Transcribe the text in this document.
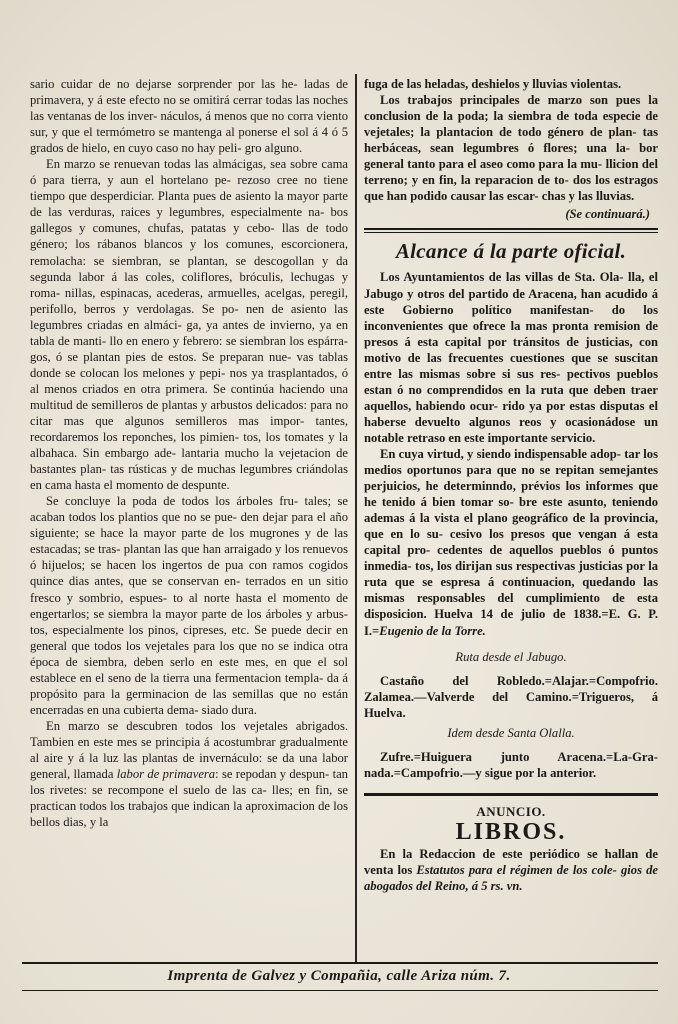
sario cuidar de no dejarse sorprender por las he- ladas de primavera, y á este efecto no se omitirá cerrar todas las noches las ventanas de los inver- náculos, á menos que no corra viento sur, y que el termómetro se mantenga al ponerse el sol á 4 ó 5 grados de hielo, en cuyo caso no hay peli- gro alguno.

En marzo se renuevan todas las almácigas, sea sobre cama ó para tierra, y aun el hortelano pe- rezoso cree no tiene tiempo que desperdiciar. Planta pues de asiento la mayor parte de las verduras, raices y legumbres, especialmente na- bos gallegos y comunes, chufas, patatas y cebo- llas de todo género; los rábanos blancos y los comunes, escorcionera, remolacha: se siembran, se plantan, se descogollan y da segunda labor á las coles, coliflores, bróculis, lechugas y roma- nillas, espinacas, acederas, armuelles, acelgas, peregil, perifollo, berros y verdolagas. Se po- nen de asiento las legumbres criadas en almáci- ga, ya antes de invierno, ya en tabla de manti- llo en enero y febrero: se siembran los espárra- gos, ó se plantan pies de estos. Se preparan nue- vas tablas donde se colocan los melones y pepi- nos ya trasplantados, ó al menos criados en otra primera. Se continúa haciendo una multitud de semilleros de plantas y arbustos delicados: para no citar mas que algunos semilleros mas impor- tantes, recordaremos los reponches, los pimien- tos, los tomates y la albahaca. Sin embargo ade- lantaria mucho la vejetacion de bastantes plan- tas rústicas y de muchas legumbres criándolas en cama hasta el momento de despunte.

Se concluye la poda de todos los árboles fru- tales; se acaban todos los plantios que no se pue- den dejar para el año siguiente; se hace la mayor parte de los mugrones y de las estacadas; se tras- plantan las que han arraigado y los renuevos ó hijuelos; se hacen los ingertos de pua con ramos cogidos quince dias antes, que se conservan en- terrados en un sitio fresco y sombrio, espues- to al norte hasta el momento de engertarlos; se siembra la mayor parte de los árboles y arbus- tos, especialmente los pinos, cipreses, etc. Se puede decir en general que todos los vejetales para los que no se indica otra época de siembra, deben serlo en este mes, en que el sol establece en el seno de la tierra una fermentacion templa- da á propósito para la germinacion de las semillas que no están encerradas en una cubierta dema- siado dura.

En marzo se descubren todos los vejetales abrigados. Tambien en este mes se principia á acostumbrar gradualmente al aire y á la luz las plantas de invernáculo: se da una labor general, llamada labor de primavera: se repodan y despun- tan los rivetes: se recompone el suelo de las ca- lles; en fin, se practican todos los trabajos que indican la aproximacion de los bellos dias, y la

fuga de las heladas, deshielos y lluvias violentas.

Los trabajos principales de marzo son pues la conclusion de la poda; la siembra de toda especie de vejetales; la plantacion de todo género de plan- tas herbáceas, sean legumbres ó flores; una la- bor general tanto para el aseo como para la mu- llicion del terreno; y en fin, la reparacion de to- dos los estragos que han podido causar las escar- chas y las lluvias.

(Se continuará.)
Alcance á la parte oficial.

Los Ayuntamientos de las villas de Sta. Ola- lla, el Jabugo y otros del partido de Aracena, han acudido á este Gobierno político manifestan- do los inconvenientes que ofrece la mas pronta remision de presos á esta capital por tránsitos de justicias, con motivo de las frecuentes cuestiones que se suscitan entre las mismas sobre si sus res- pectivos pueblos estan ó no comprendidos en la ruta que deben traer aquellos, habiendo ocur- rido ya por estas disputas el haberse devuelto algunos reos y ocasionádose un notable retraso en este importante servicio.

En cuya virtud, y siendo indispensable adop- tar los medios oportunos para que no se repitan semejantes perjuicios, he determinndo, prévios los informes que he tenido á bien tomar so- bre este asunto, teniendo ademas á la vista el plano geográfico de la provincia, que en lo su- cesivo los presos que vengan á esta capital pro- cedentes de aquellos pueblos ó puntos inmedia- tos, los dirijan sus respectivas justicias por la ruta que se espresa á continuacion, quedando las mismas responsables del cumplimiento de esta disposicion. Huelva 14 de julio de 1838.=E. G. P. I.=Eugenio de la Torre.

Ruta desde el Jabugo.

Castaño del Robledo.=Alajar.=Compofrio. Zalamea.—Valverde del Camino.=Trigueros, á Huelva.

Idem desde Santa Olalla.

Zufre.=Huiguera junto Aracena.=La-Gra- nada.=Campofrio.—y sigue por la anterior.

ANUNCIO.
LIBROS.

En la Redaccion de este periódico se hallan de venta los Estatutos para el régimen de los cole- gios de abogados del Reino, á 5 rs. vn.

Imprenta de Galvez y Compañia, calle Ariza núm. 7.
